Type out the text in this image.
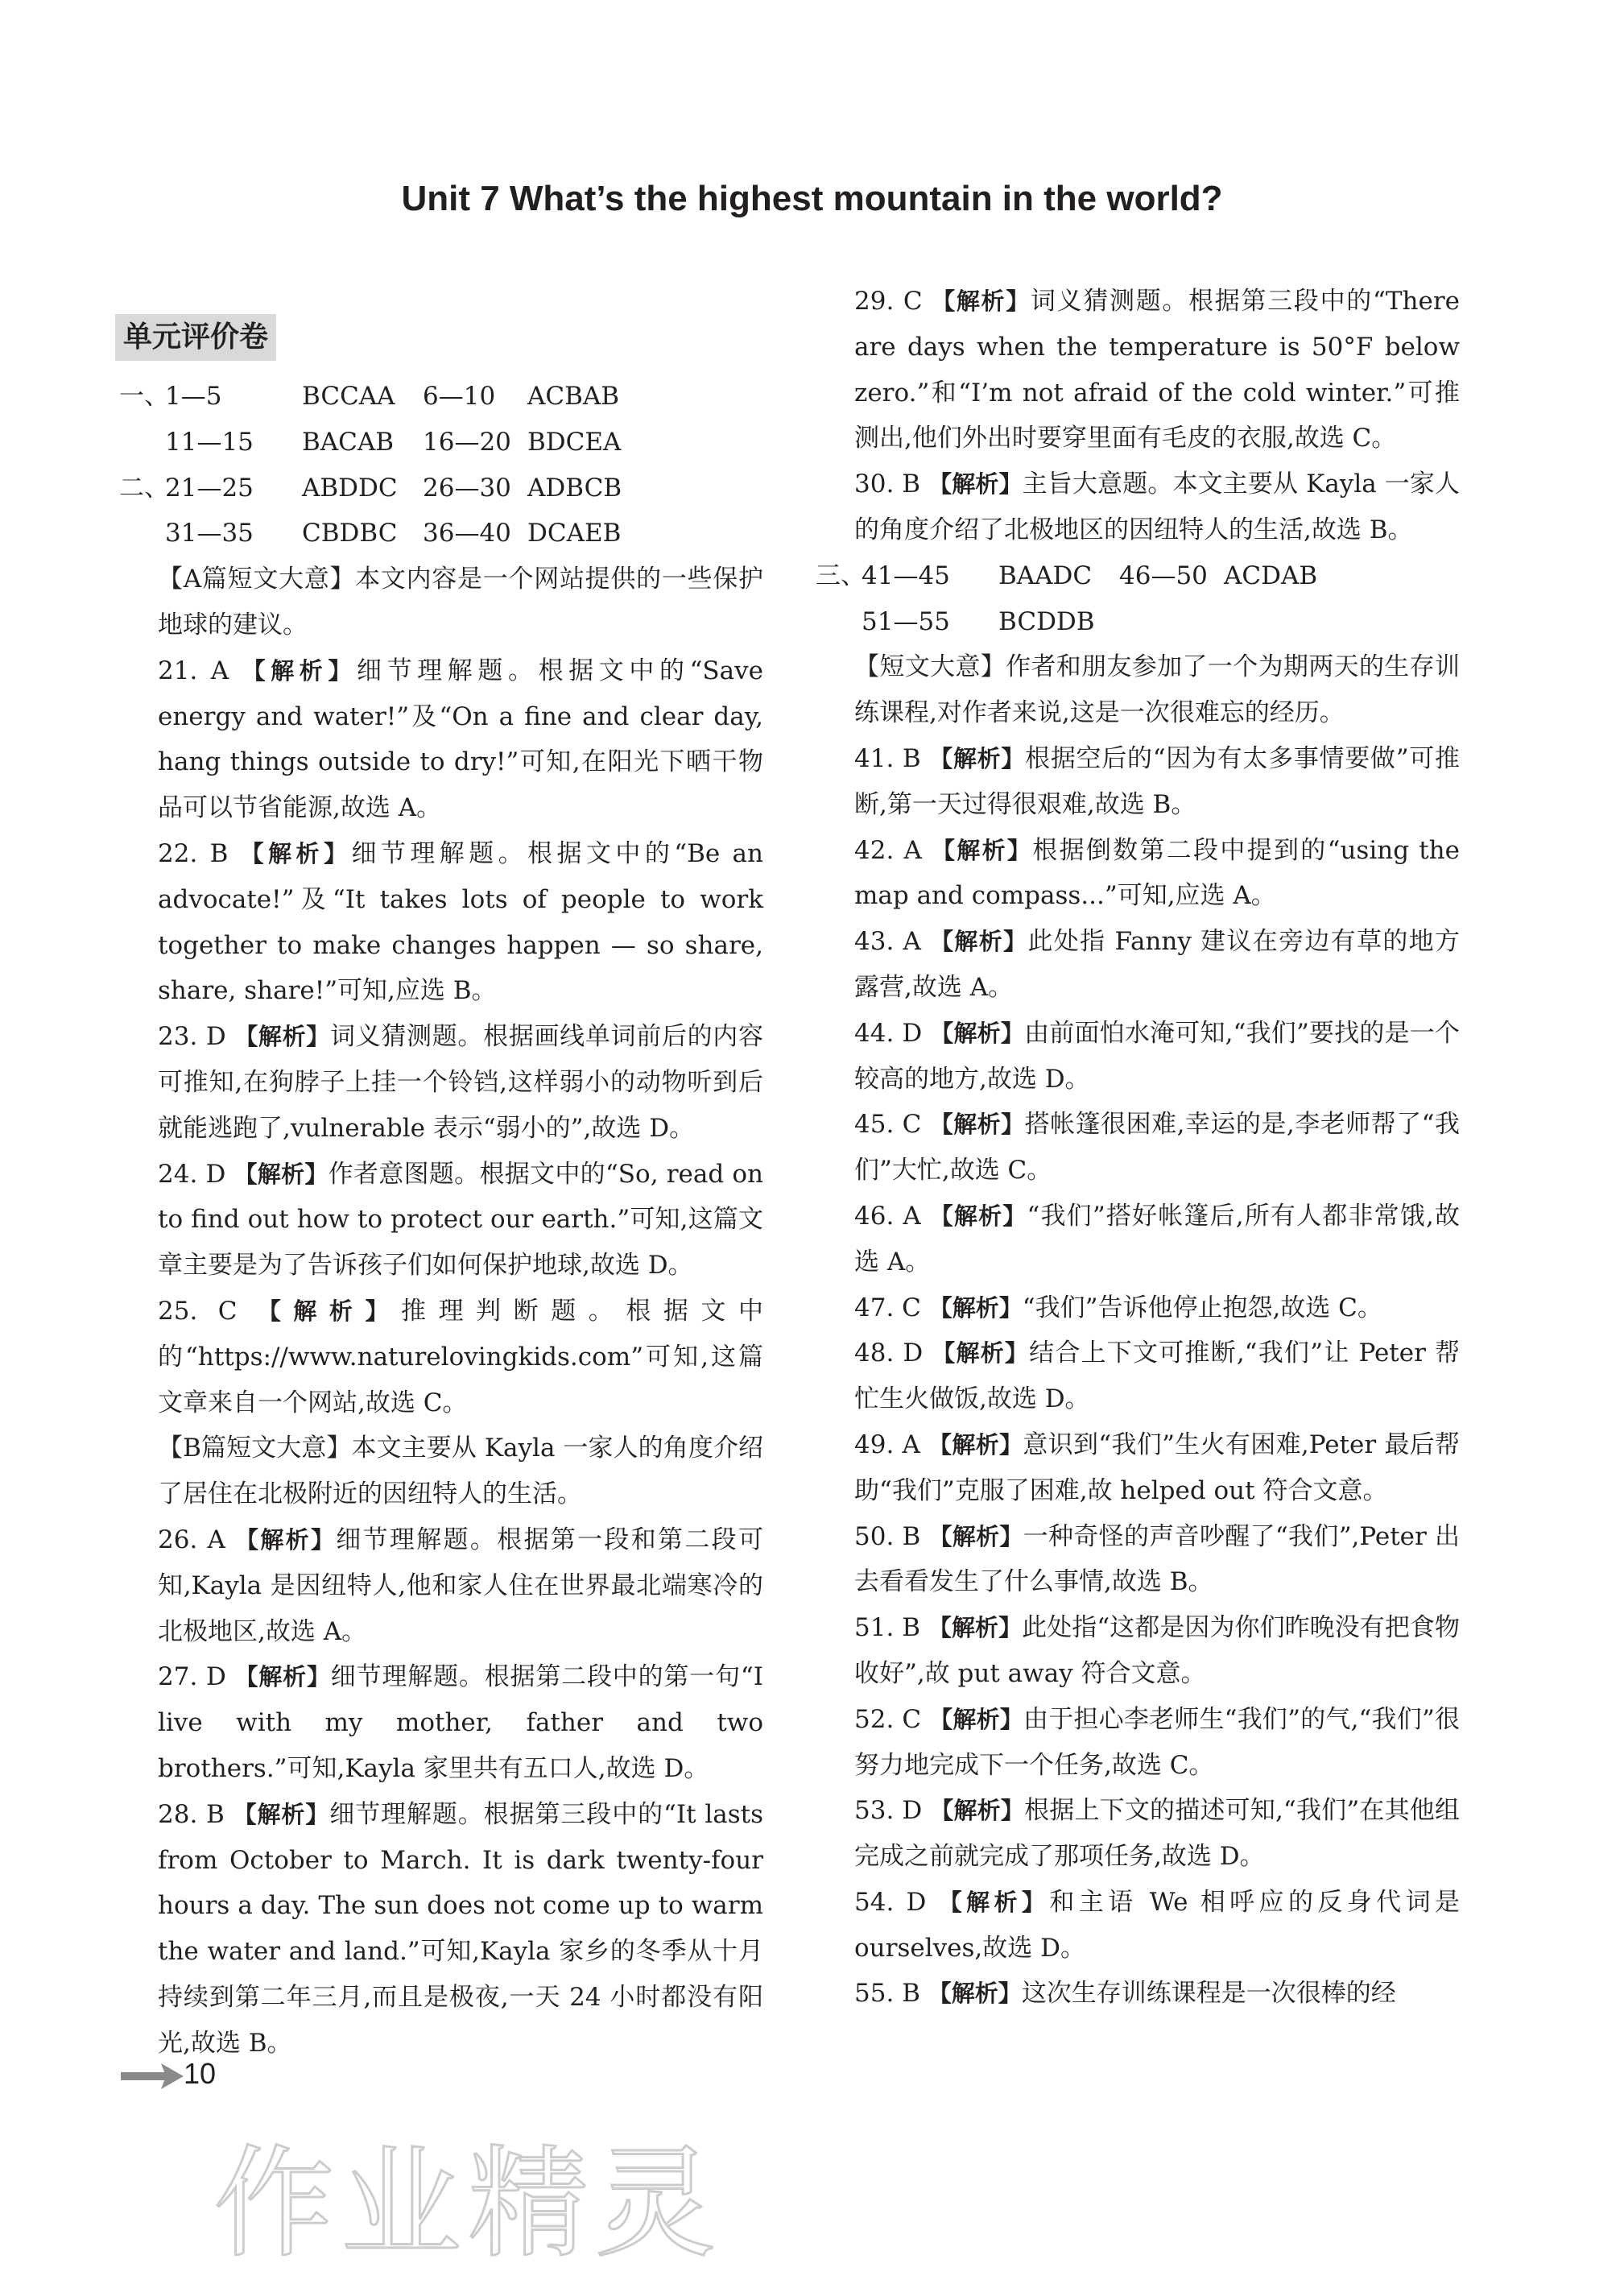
Unit 7 What’s the highest mountain in the world?
单元评价卷
一、
1—5	BCCAA	6—10	ACBAB
11—15	BACAB	16—20 BDCEA
二、
21—25	ABDDC	26—30 ADBCB
31—35	CBDBC	36—40 DCAEB

【A篇短文大意】本文内容是一个网站提供的一些保护地球的建议。

21. A 【解析】细节理解题。根据文中的“Save energy and water!”及“On a fine and clear day, hang things outside to dry!”可知,在阳光下晒干物品可以节省能源,故选 A。

22. B 【解析】细节理解题。根据文中的“Be an advocate!”及“It takes lots of people to work together to make changes happen — so share, share, share!”可知,应选 B。

23. D 【解析】词义猜测题。根据画线单词前后的内容可推知,在狗脖子上挂一个铃铛,这样弱小的动物听到后就能逃跑了,vulnerable 表示“弱小的”,故选 D。

24. D 【解析】作者意图题。根据文中的“So, read on to find out how to protect our earth.”可知,这篇文章主要是为了告诉孩子们如何保护地球,故选 D。

25. C 【解析】推理判断题。根据文中的“https://www.naturelovingkids.com”可知,这篇文章来自一个网站,故选 C。

【B篇短文大意】本文主要从 Kayla 一家人的角度介绍了居住在北极附近的因纽特人的生活。

26. A 【解析】细节理解题。根据第一段和第二段可知,Kayla 是因纽特人,他和家人住在世界最北端寒冷的北极地区,故选 A。

27. D 【解析】细节理解题。根据第二段中的第一句“I live with my mother, father and two brothers.”可知,Kayla 家里共有五口人,故选 D。

28. B 【解析】细节理解题。根据第三段中的“It lasts from October to March. It is dark twenty-four hours a day. The sun does not come up to warm the water and land.”可知,Kayla 家乡的冬季从十月持续到第二年三月,而且是极夜,一天 24 小时都没有阳光,故选 B。

29. C 【解析】词义猜测题。根据第三段中的“There are days when the temperature is 50°F below zero.”和“I’m not afraid of the cold winter.”可推测出,他们外出时要穿里面有毛皮的衣服,故选 C。

30. B 【解析】主旨大意题。本文主要从 Kayla 一家人的角度介绍了北极地区的因纽特人的生活,故选 B。

三、
41—45	BAADC	46—50 ACDAB
51—55	BCDDB

【短文大意】作者和朋友参加了一个为期两天的生存训练课程,对作者来说,这是一次很难忘的经历。

41. B 【解析】根据空后的“因为有太多事情要做”可推断,第一天过得很艰难,故选 B。

42. A 【解析】根据倒数第二段中提到的“using the map and compass...”可知,应选 A。

43. A 【解析】此处指 Fanny 建议在旁边有草的地方露营,故选 A。

44. D 【解析】由前面怕水淹可知,“我们”要找的是一个较高的地方,故选 D。

45. C 【解析】搭帐篷很困难,幸运的是,李老师帮了“我们”大忙,故选 C。

46. A 【解析】“我们”搭好帐篷后,所有人都非常饿,故选 A。

47. C 【解析】“我们”告诉他停止抱怨,故选 C。

48. D 【解析】结合上下文可推断,“我们”让 Peter 帮忙生火做饭,故选 D。

49. A 【解析】意识到“我们”生火有困难,Peter 最后帮助“我们”克服了困难,故 helped out 符合文意。

50. B 【解析】一种奇怪的声音吵醒了“我们”,Peter 出去看看发生了什么事情,故选 B。

51. B 【解析】此处指“这都是因为你们昨晚没有把食物收好”,故 put away 符合文意。

52. C 【解析】由于担心李老师生“我们”的气,“我们”很努力地完成下一个任务,故选 C。

53. D 【解析】根据上下文的描述可知,“我们”在其他组完成之前就完成了那项任务,故选 D。

54. D 【解析】和主语 We 相呼应的反身代词是 ourselves,故选 D。

55. B 【解析】这次生存训练课程是一次很棒的经

10
作业精灵
